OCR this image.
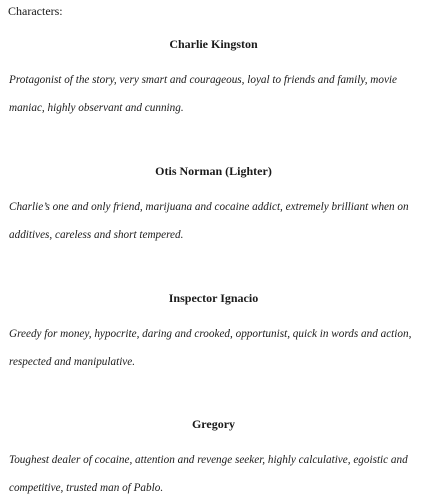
Characters:

Charlie Kingston

Protagonist of the story, very smart and courageous, loyal to friends and family, movie maniac, highly observant and cunning.

Otis Norman (Lighter)

Charlie’s one and only friend, marijuana and cocaine addict, extremely brilliant when on additives, careless and short tempered.

Inspector Ignacio

Greedy for money, hypocrite, daring and crooked, opportunist, quick in words and action, respected and manipulative.

Gregory

Toughest dealer of cocaine, attention and revenge seeker, highly calculative, egoistic and competitive, trusted man of Pablo.
